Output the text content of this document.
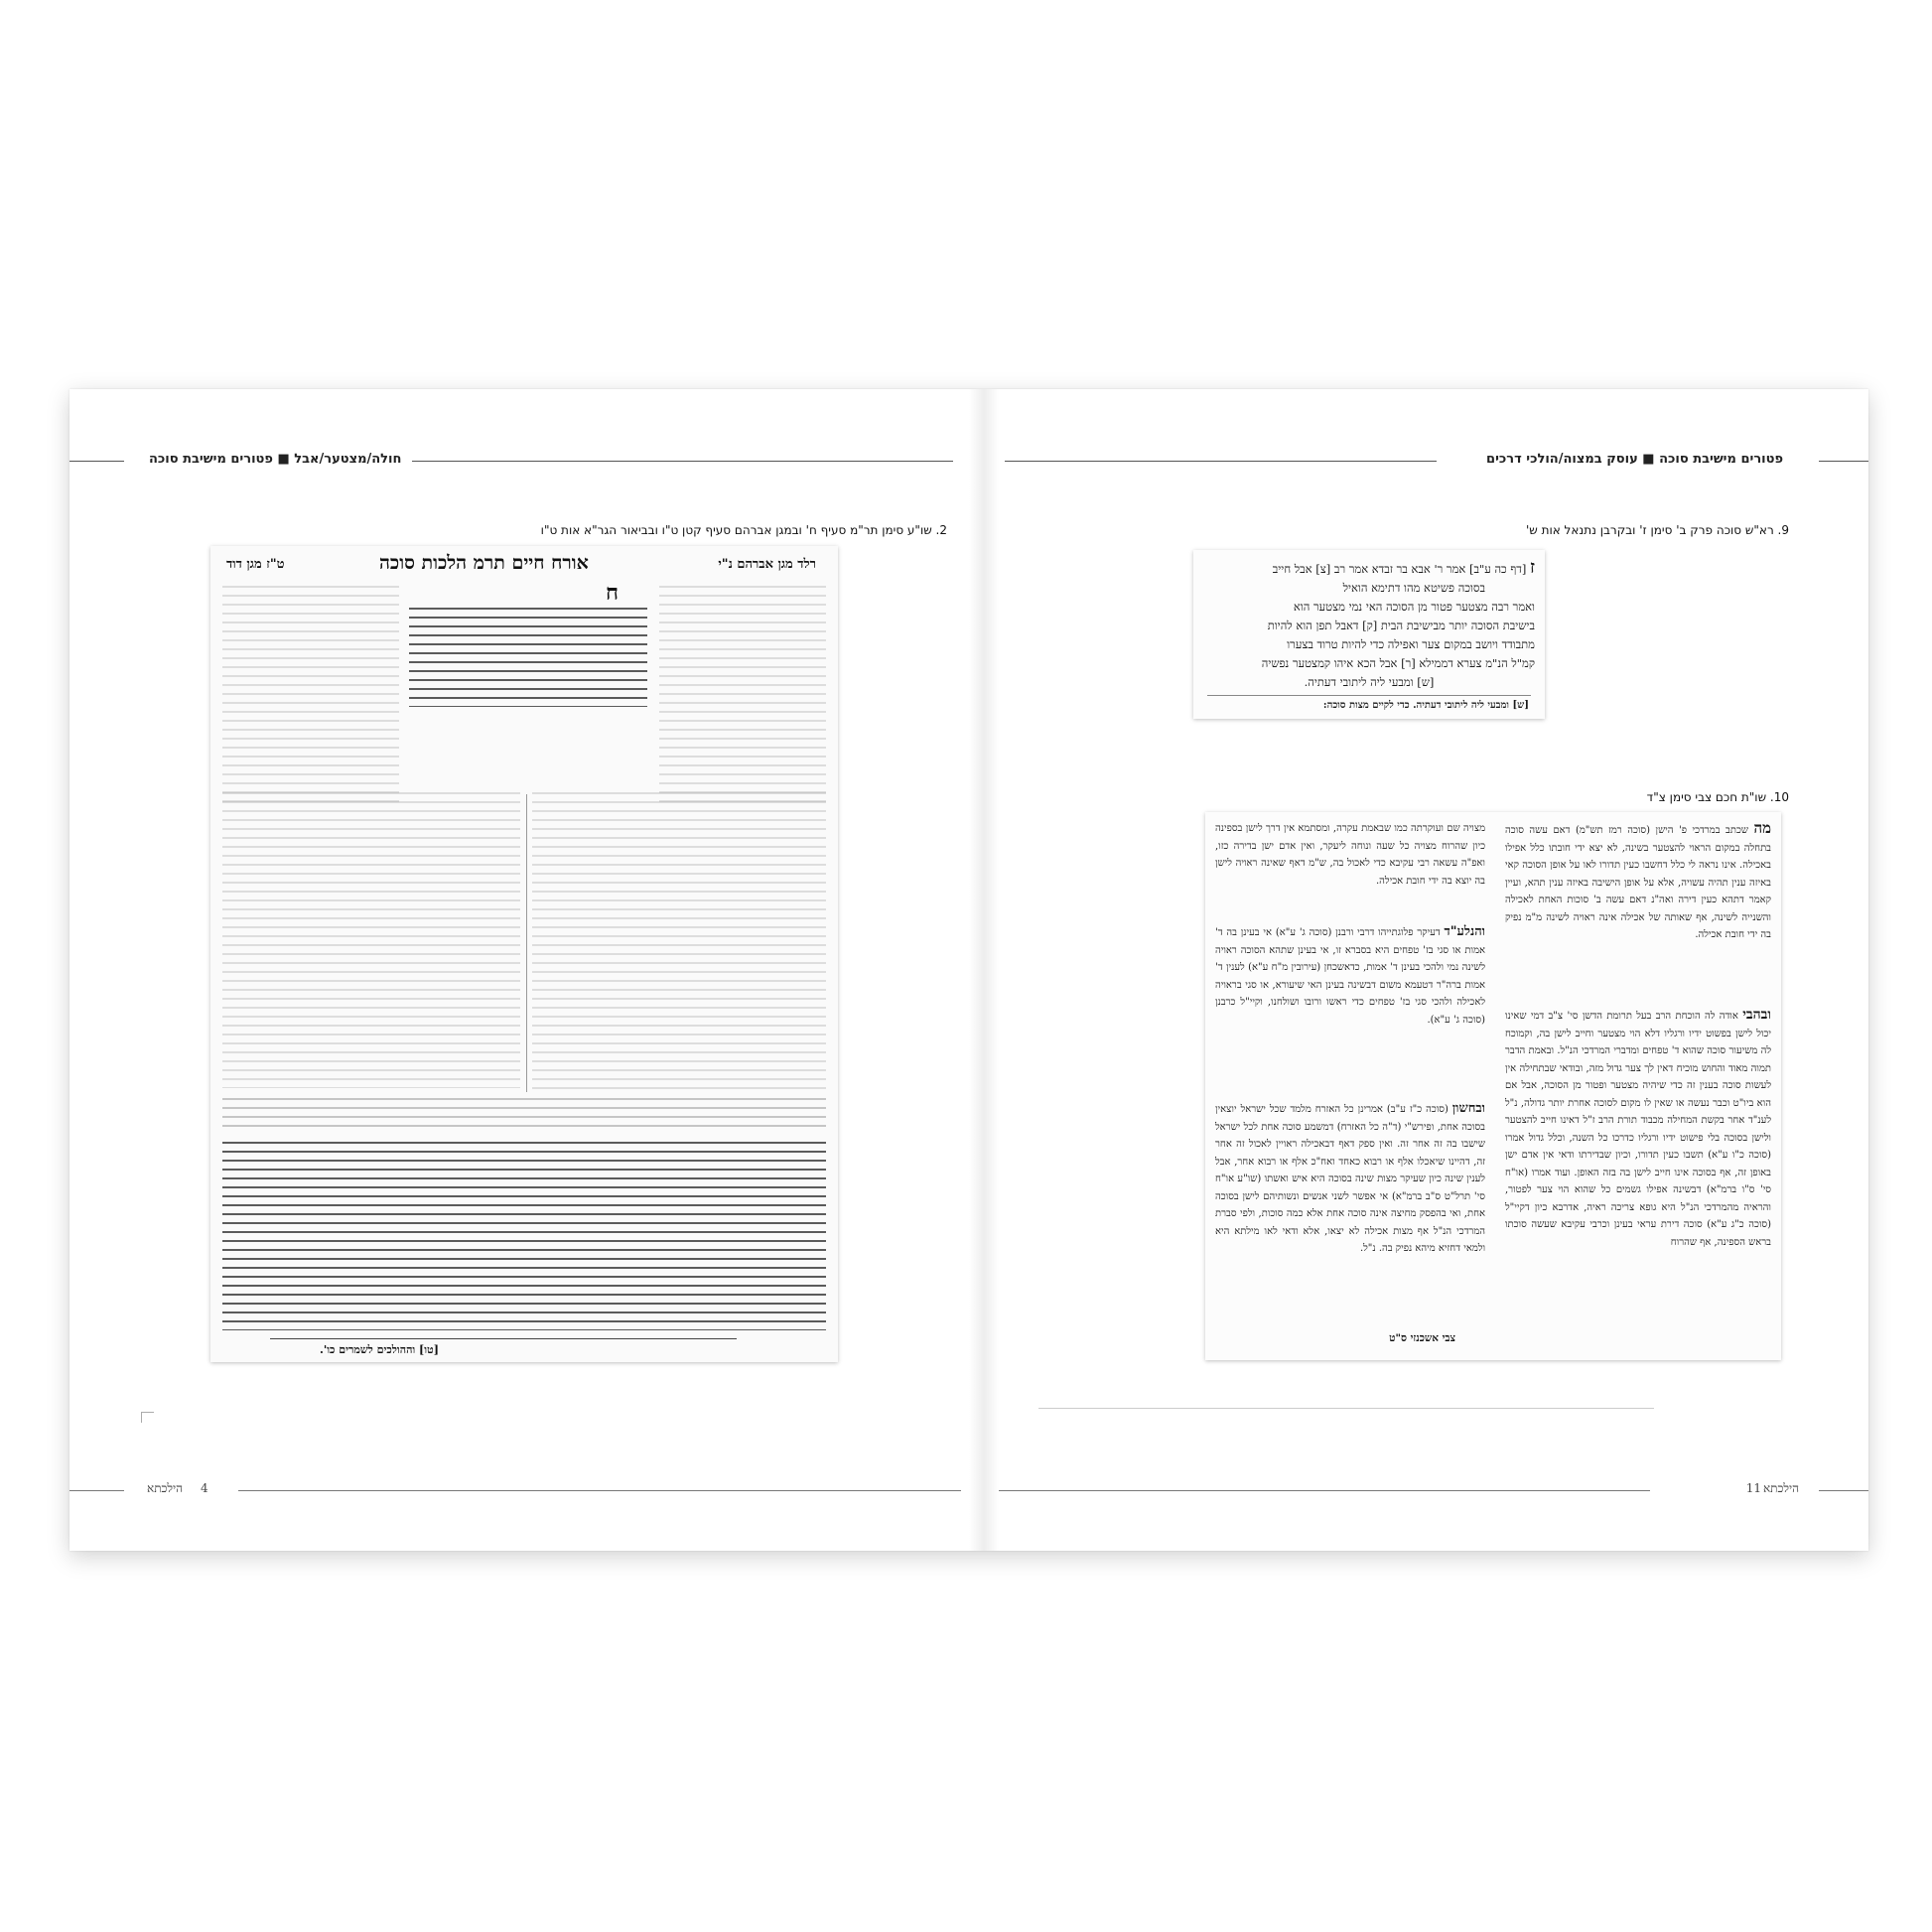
חולה/מצטער/אבל ■ פטורים מישיבת סוכה
2. שו"ע סימן תר"מ סעיף ח' ובמגן אברהם סעיף קטן ט"ו ובביאור הגר"א אות ט"ו
רלד מגן אברהם נ"י
אורח חיים תרמ הלכות סוכה
ט"ז מגן דוד
ח
[טו] וההולכים לשמרים כו'.
4
הילכתא
פטורים מישיבת סוכה ■ עוסק במצוה/הולכי דרכים
9. רא"ש סוכה פרק ב' סימן ז' ובקרבן נתנאל אות ש'
ז [דף כה ע"ב] אמר ר' אבא בר זבדא אמר רב [צ] אבל חייב
בסוכה פשיטא מהו דתימא הואיל
ואמר רבה מצטער פטור מן הסוכה האי נמי מצטער הוא
בישיבת הסוכה יותר מבישיבת הבית [ק] דאבל תפן הוא להיות
מתבודד ויושב במקום צער ואפילה כדי להיות טרוד בצערו
קמ"ל הנ"מ צערא דממילא [ר] אבל הכא איהו קמצטער נפשיה
[ש] ומבעי ליה ליתובי דעתיה.
[ש] ומבעי ליה ליתובי דעתיה. כדי לקיים מצות סוכה:
10. שו"ת חכם צבי סימן צ"ד
מה שכתב במרדכי פ' הישן (סוכה רמז תש"מ) דאם עשה סוכה בתחלה במקום הראוי להצטער בשינה, לא יצא ידי חובתו כלל אפילו באכילה. אינו נראה לי כלל דחשבו כעין תדורו לאו על אופן הסוכה קאי באיזה ענין תהיה עשויה, אלא על אופן הישיבה באיזה ענין תהא, ועיין קאמר דתהא כעין דירה ואה"נ דאם עשה ב' סוכות האחת לאכילה והשנייה לשינה, אף שאותה של אכילה אינה ראויה לשינה מ"מ נפיק בה ידי חובת אכילה.
ובהבי אודה לה הוכחת הרב בעל תרומת הדשן סי' צ"ב דמי שאינו יכול לישן בפשוט ידיו ורגליו דלא הוי מצטער וחייב לישן בה, וקמוכח לה משיעור סוכה שהוא ד' טפחים ומדברי המרדכי הנ"ל. ובאמת הדבר תמוה מאוד והחוש מוכיח דאין לך צער גדול מזה, ובודאי שבתחילה אין לעשות סוכה בענין זה כדי שיהיה מצטער ופטור מן הסוכה, אבל אם הוא ביו"ט וכבר נעשה או שאין לו מקום לסוכה אחרת יותר גדולה, נ"ל לענ"ד אחר בקשת המחילה מכבוד תורת הרב ז"ל דאינו חייב להצטער ולישן בסוכה בלי פישוט ידיו ורגליו כדרכו כל השנה, וכלל גדול אמרו (סוכה כ"ו ע"א) תשבו כעין תדורו, וכיון שבדירתו ודאי אין אדם ישן באופן זה, אף בסוכה אינו חייב לישן בה בזה האופן. ועוד אמרו (או"ח סי' ס"ו ברמ"א) דבשינה אפילו גשמים כל שהוא הוי צער לפטור, והראיה מהמרדכי הנ"ל היא גופא צריכה ראיה, אדרבא כיון דקיי"ל (סוכה כ"ג ע"א) סוכה דירת עראי בעינן וכרבי עקיבא שעשה סוכתו בראש הספינה, אף שהרוח
מצויה שם ועוקרתה כמו שבאמת עקרה, ומסתמא אין דרך לישן בספינה כיון שהרוח מצויה כל שעה ונוחה ליעקר, ואין אדם ישן בדירה כזו, ואפ"ה עשאה רבי עקיבא כדי לאכול בה, ש"מ דאף שאינה ראויה לישן בה יוצא בה ידי חובת אכילה.
והנלע"ד דעיקר פלוגתייהו דרבי ורבנן (סוכה ג' ע"א) אי בעינן בה ד' אמות או סגי בז' טפחים היא בסברא זו, אי בעינן שתהא הסוכה ראויה לשינה נמי ולהכי בעינן ד' אמות, כדאשכחן (עירובין מ"ח ע"א) לענין ד' אמות ברה"ר דטעמא משום דבשינה בעינן האי שיעורא, או סגי בראויה לאכילה ולהכי סגי בז' טפחים כדי ראשו ורובו ושולחנו, וקיי"ל כרבנן (סוכה ג' ע"א).
ובחשון (סוכה כ"ז ע"ב) אמרינן כל האזרח מלמד שכל ישראל יוצאין בסוכה אחת, ופירש"י (ד"ה כל האזרח) דמשמע סוכה אחת לכל ישראל שישבו בה זה אחר זה. ואין ספק דאף דבאכילה ראויין לאכול זה אחר זה, דהיינו שיאכלו אלף או רבוא כאחד ואח"כ אלף או רבוא אחר, אבל לענין שינה כיון שעיקר מצות שינה בסוכה היא איש ואשתו (שו"ע או"ח סי' תרל"ט ס"ב ברמ"א) אי אפשר לשני אנשים ונשותיהם לישן בסוכה אחת, ואי בהפסק מחיצה אינה סוכה אחת אלא כמה סוכות, ולפי סברת המרדכי הנ"ל אף מצות אכילה לא יצאו, אלא ודאי לאו מילתא היא ולמאי דחזיא מיהא נפיק בה. נ"ל.
צבי אשכנזי ס"ט
11 הילכתא
